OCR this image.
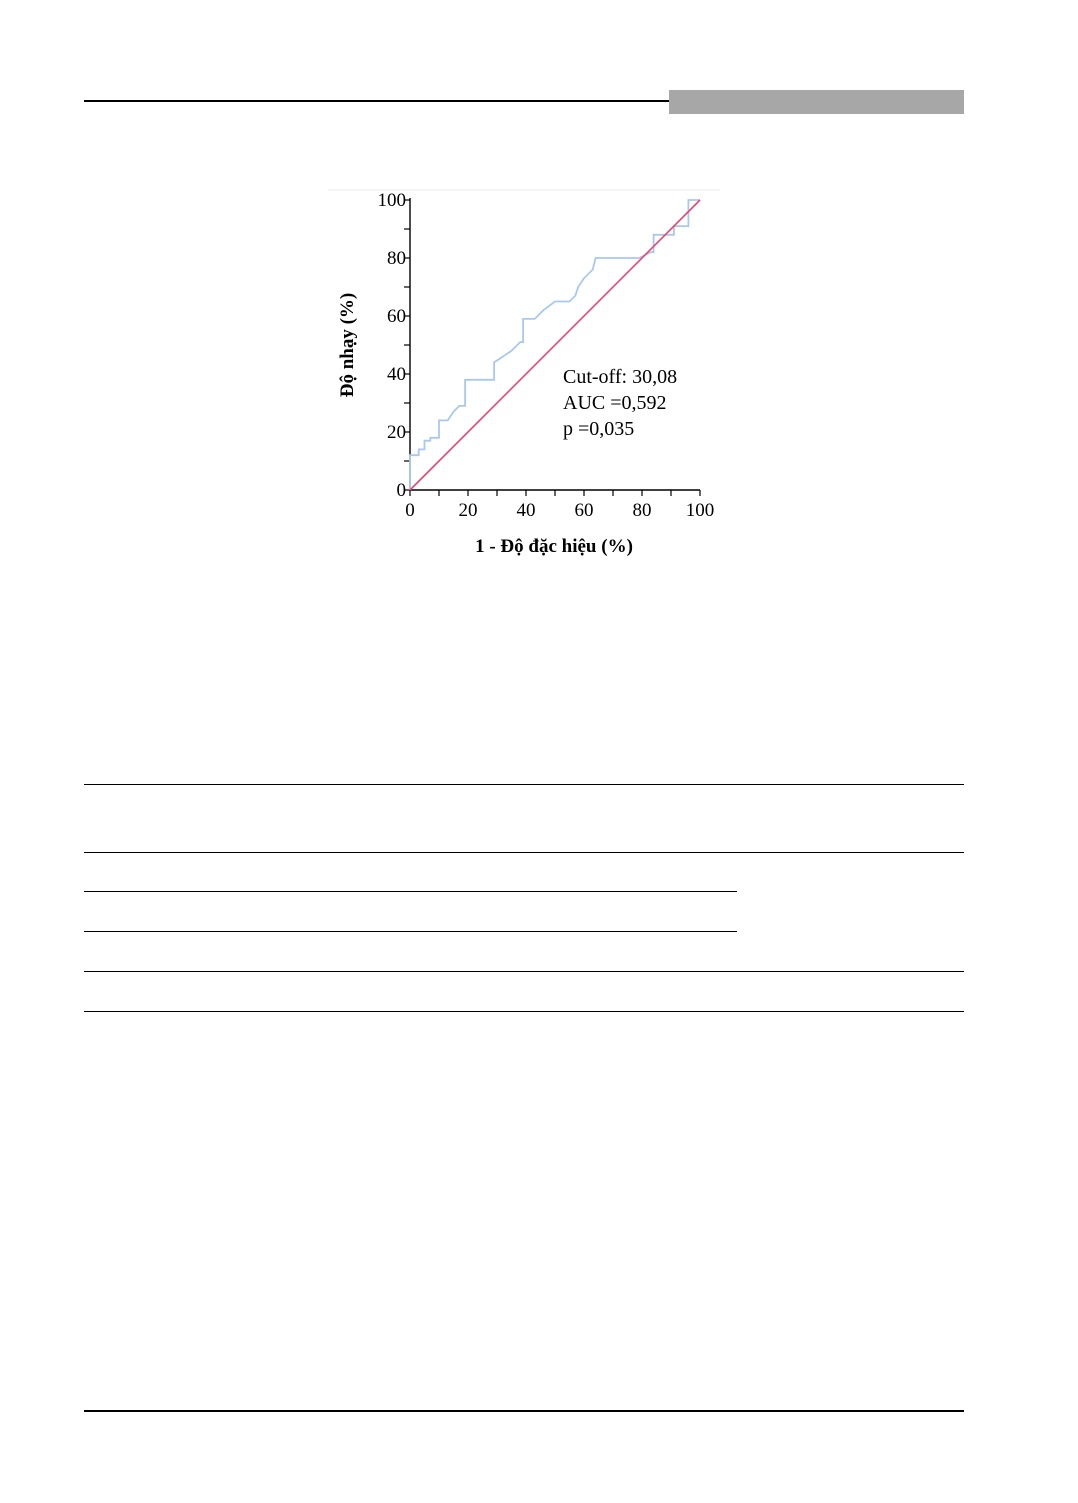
0
20
40
60
80
100
0 20 40 60 80 100
Độ nhạy (%)
1 - Độ đặc hiệu (%)
Cut-off: 30,08
AUC =0,592
p =0,035
